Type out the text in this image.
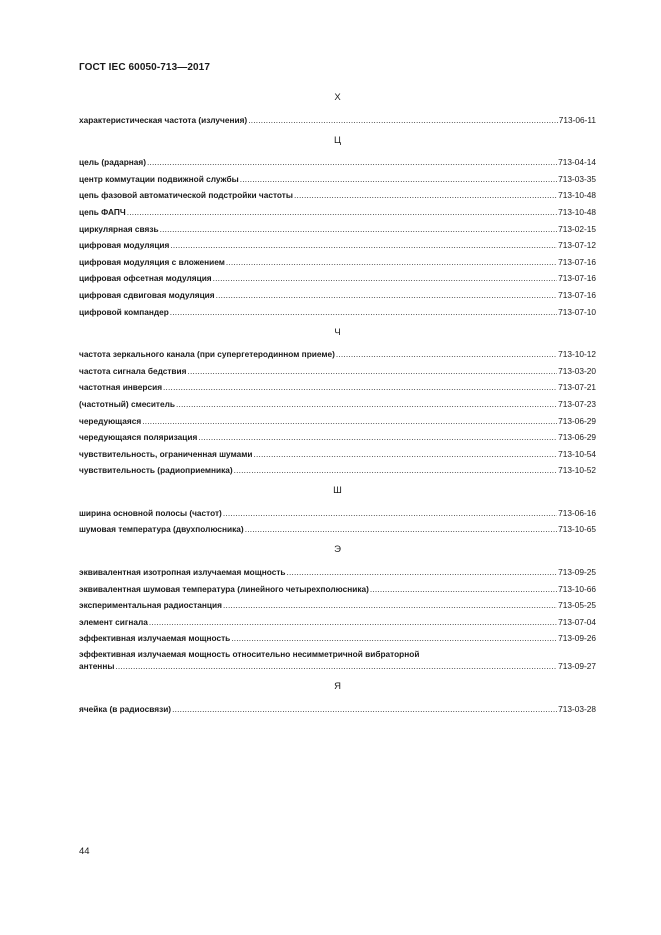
ГОСТ IEC 60050-713—2017
Х
характеристическая частота (излучения) .....	713-06-11
Ц
цель (радарная) .....	713-04-14
центр коммутации подвижной службы .....	713-03-35
цепь фазовой автоматической подстройки частоты .....	713-10-48
цепь ФАПЧ .....	713-10-48
циркулярная связь .....	713-02-15
цифровая модуляция .....	713-07-12
цифровая модуляция с вложением .....	713-07-16
цифровая офсетная модуляция .....	713-07-16
цифровая сдвиговая модуляция .....	713-07-16
цифровой компандер .....	713-07-10
Ч
частота зеркального канала (при супергетеродинном приеме) .....	713-10-12
частота сигнала бедствия .....	713-03-20
частотная инверсия .....	713-07-21
(частотный) смеситель .....	713-07-23
чередующаяся .....	713-06-29
чередующаяся поляризация .....	713-06-29
чувствительность, ограниченная шумами .....	713-10-54
чувствительность (радиоприемника) .....	713-10-52
Ш
ширина основной полосы (частот) .....	713-06-16
шумовая температура (двухполюсника) .....	713-10-65
Э
эквивалентная изотропная излучаемая мощность .....	713-09-25
эквивалентная шумовая температура (линейного четырехполюсника) .....	713-10-66
экспериментальная радиостанция .....	713-05-25
элемент сигнала .....	713-07-04
эффективная излучаемая мощность .....	713-09-26
эффективная излучаемая мощность относительно несимметричной вибраторной
антенны .....	713-09-27
Я
ячейка (в радиосвязи) .....	713-03-28
44
